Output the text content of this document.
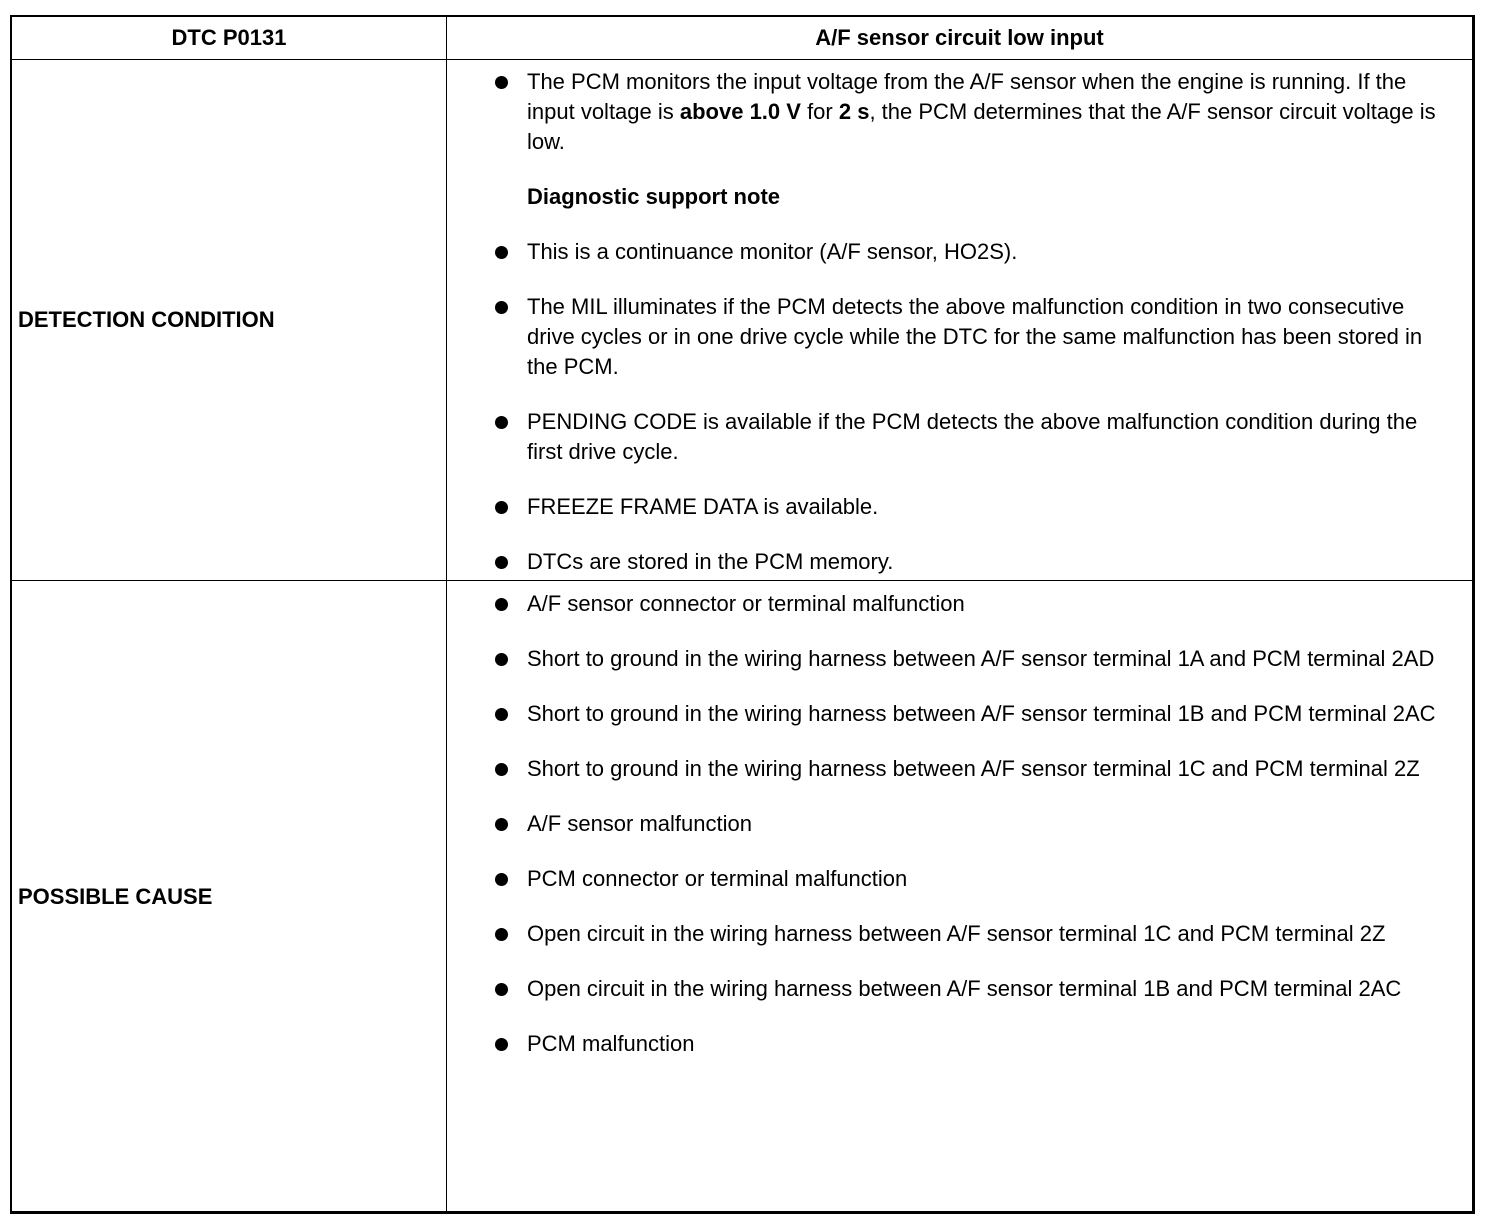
DTC P0131	A/F sensor circuit low input
DETECTION CONDITION
The PCM monitors the input voltage from the A/F sensor when the engine is running. If the input voltage is above 1.0 V for 2 s, the PCM determines that the A/F sensor circuit voltage is low.
Diagnostic support note
This is a continuance monitor (A/F sensor, HO2S).
The MIL illuminates if the PCM detects the above malfunction condition in two consecutive drive cycles or in one drive cycle while the DTC for the same malfunction has been stored in the PCM.
PENDING CODE is available if the PCM detects the above malfunction condition during the first drive cycle.
FREEZE FRAME DATA is available.
DTCs are stored in the PCM memory.
POSSIBLE CAUSE
A/F sensor connector or terminal malfunction
Short to ground in the wiring harness between A/F sensor terminal 1A and PCM terminal 2AD
Short to ground in the wiring harness between A/F sensor terminal 1B and PCM terminal 2AC
Short to ground in the wiring harness between A/F sensor terminal 1C and PCM terminal 2Z
A/F sensor malfunction
PCM connector or terminal malfunction
Open circuit in the wiring harness between A/F sensor terminal 1C and PCM terminal 2Z
Open circuit in the wiring harness between A/F sensor terminal 1B and PCM terminal 2AC
PCM malfunction
